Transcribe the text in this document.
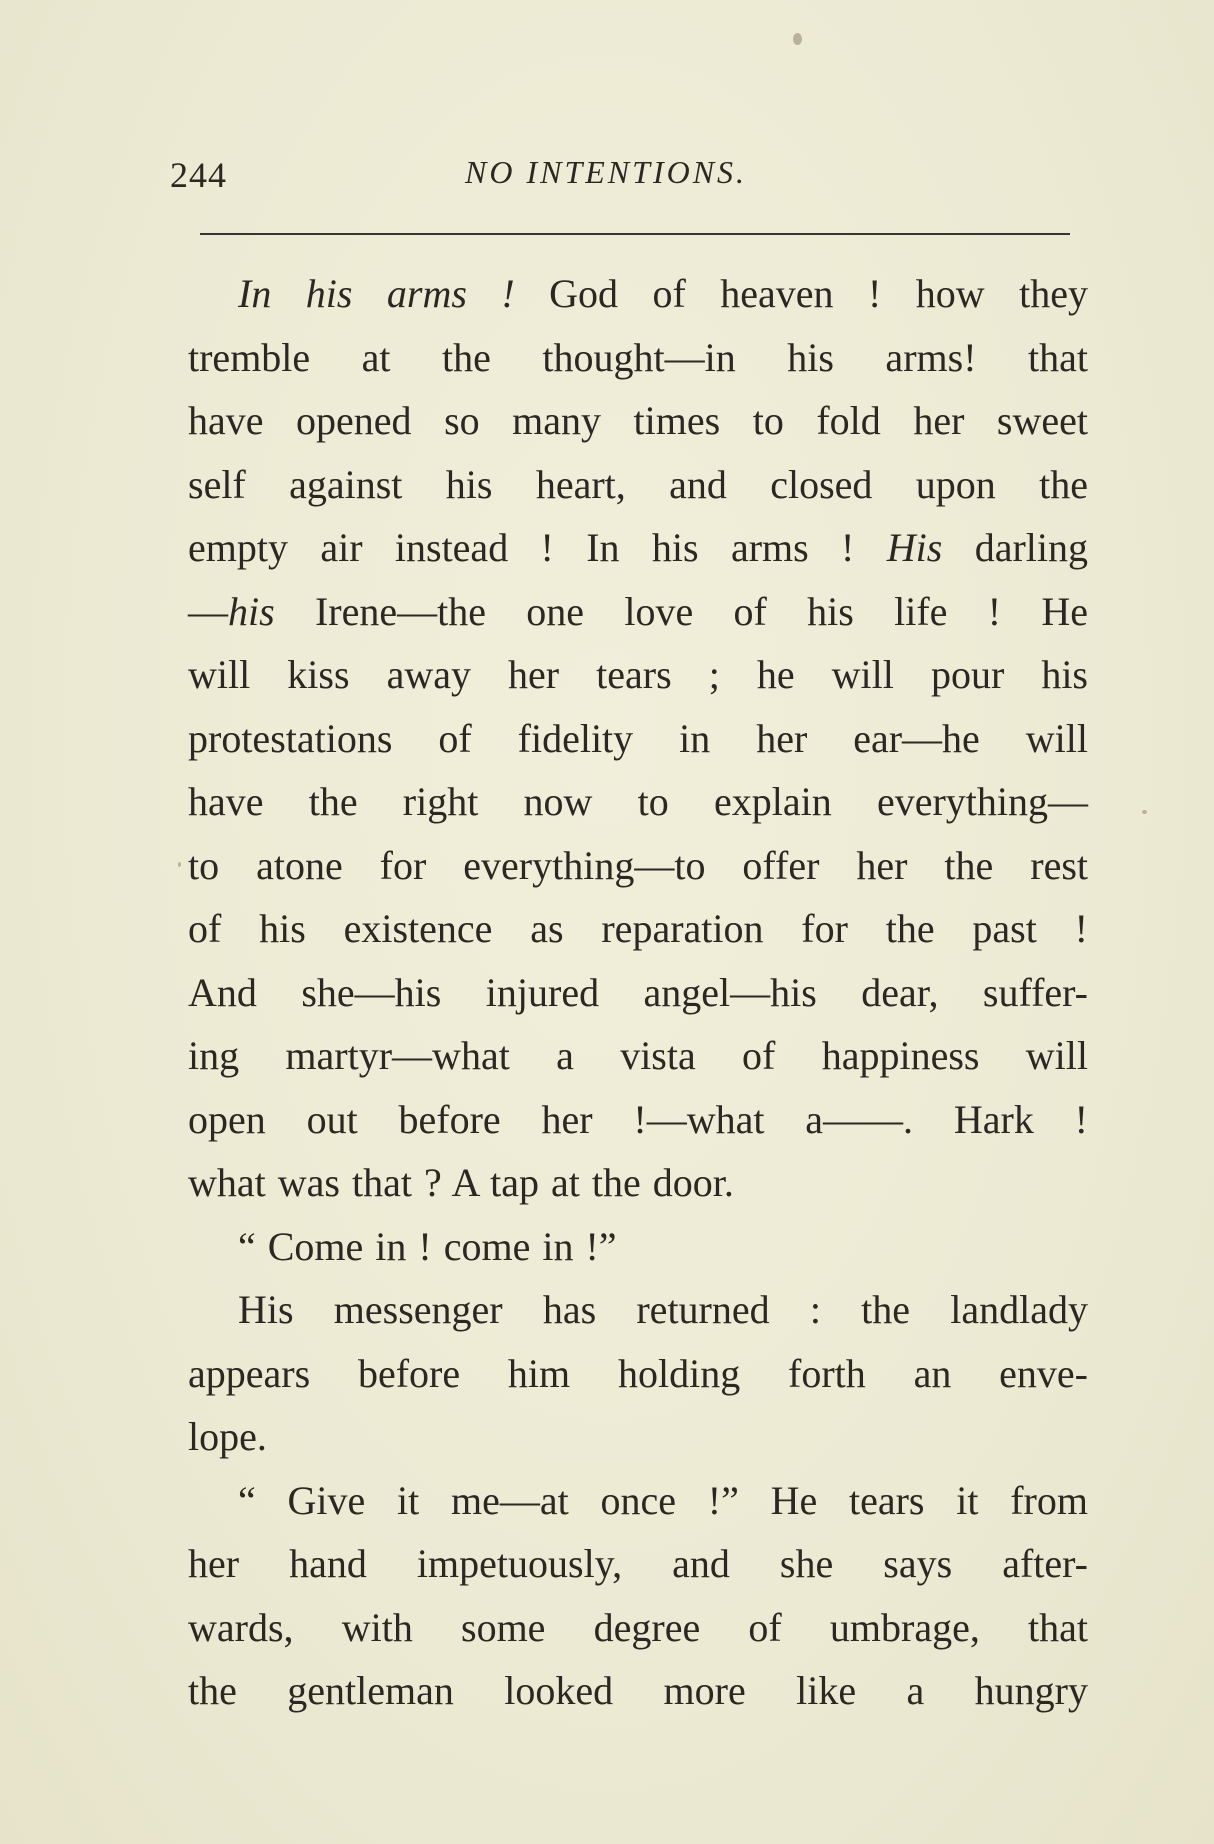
244	NO INTENTIONS.
In his arms ! God of heaven ! how they
tremble at the thought—in his arms! that
have opened so many times to fold her sweet
self against his heart, and closed upon the
empty air instead ! In his arms ! His darling
—his Irene—the one love of his life ! He
will kiss away her tears ; he will pour his
protestations of fidelity in her ear—he will
have the right now to explain everything—
to atone for everything—to offer her the rest
of his existence as reparation for the past !
And she—his injured angel—his dear, suffer-
ing martyr—what a vista of happiness will
open out before her !—what a——. Hark !
what was that ? A tap at the door.
“ Come in ! come in !”
His messenger has returned : the landlady
appears before him holding forth an enve-
lope.
“ Give it me—at once !” He tears it from
her hand impetuously, and she says after-
wards, with some degree of umbrage, that
the gentleman looked more like a hungry
